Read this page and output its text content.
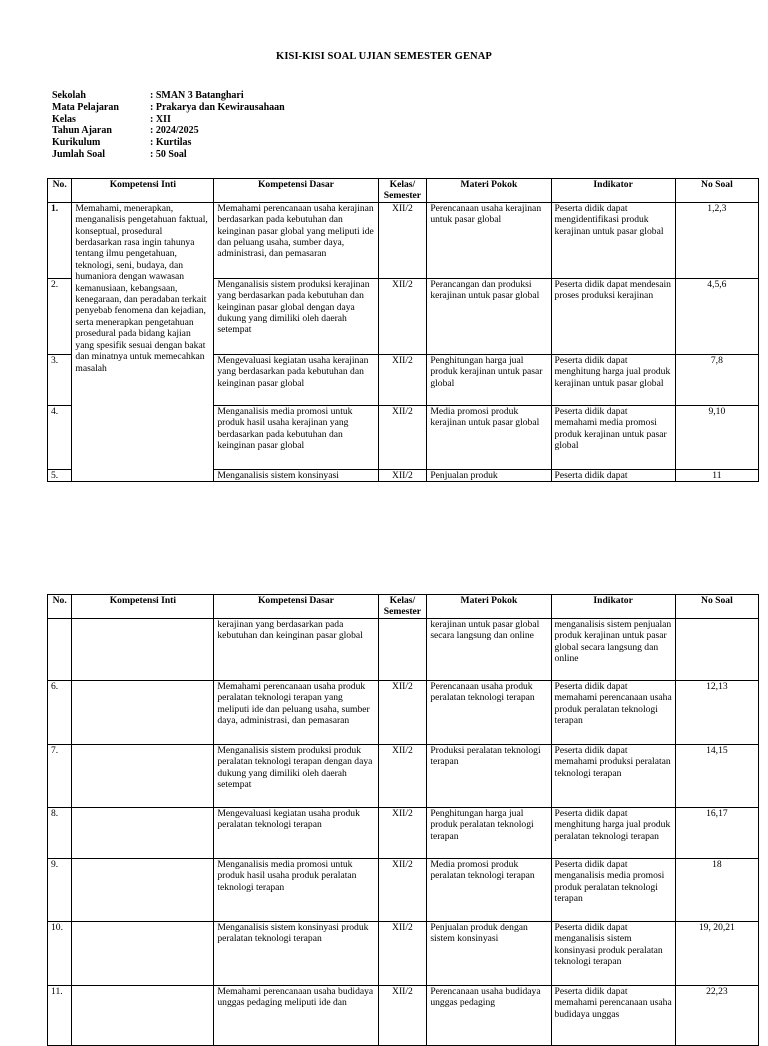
KISI-KISI SOAL UJIAN SEMESTER GENAP
Sekolah	: SMAN 3 Batanghari
Mata Pelajaran	: Prakarya dan Kewirausahaan
Kelas	: XII
Tahun Ajaran	: 2024/2025
Kurikulum	: Kurtilas
Jumlah Soal	: 50 Soal
No.	Kompetensi Inti	Kompetensi Dasar	Kelas/ Semester	Materi Pokok	Indikator	No Soal
1.	Memahami, menerapkan, menganalisis pengetahuan faktual, konseptual, prosedural berdasarkan rasa ingin tahunya tentang ilmu pengetahuan, teknologi, seni, budaya, dan humaniora dengan wawasan kemanusiaan, kebangsaan, kenegaraan, dan peradaban terkait penyebab fenomena dan kejadian, serta menerapkan pengetahuan prosedural pada bidang kajian yang spesifik sesuai dengan bakat dan minatnya untuk memecahkan masalah	Memahami perencanaan usaha kerajinan berdasarkan pada kebutuhan dan keinginan pasar global yang meliputi ide dan peluang usaha, sumber daya, administrasi, dan pemasaran	XII/2	Perencanaan usaha kerajinan untuk pasar global	Peserta didik dapat mengidentifikasi produk kerajinan untuk pasar global	1,2,3
2.		Menganalisis sistem produksi kerajinan yang berdasarkan pada kebutuhan dan keinginan pasar global dengan daya dukung yang dimiliki oleh daerah setempat	XII/2	Perancangan dan produksi kerajinan untuk pasar global	Peserta didik dapat mendesain proses produksi kerajinan	4,5,6
3.		Mengevaluasi kegiatan usaha kerajinan yang berdasarkan pada kebutuhan dan keinginan pasar global	XII/2	Penghitungan harga jual produk kerajinan untuk pasar global	Peserta didik dapat menghitung harga jual produk kerajinan untuk pasar global	7,8
4.		Menganalisis media promosi untuk produk hasil usaha kerajinan yang berdasarkan pada kebutuhan dan keinginan pasar global	XII/2	Media promosi produk kerajinan untuk pasar global	Peserta didik dapat memahami media promosi produk kerajinan untuk pasar global	9,10
5.		Menganalisis sistem konsinyasi	XII/2	Penjualan produk	Peserta didik dapat	11
No.	Kompetensi Inti	Kompetensi Dasar	Kelas/ Semester	Materi Pokok	Indikator	No Soal
		kerajinan yang berdasarkan pada kebutuhan dan keinginan pasar global		kerajinan untuk pasar global secara langsung dan online	menganalisis sistem penjualan produk kerajinan untuk pasar global secara langsung dan online	
6.		Memahami perencanaan usaha produk peralatan teknologi terapan yang meliputi ide dan peluang usaha, sumber daya, administrasi, dan pemasaran	XII/2	Perencanaan usaha produk peralatan teknologi terapan	Peserta didik dapat memahami perencanaan usaha produk peralatan teknologi terapan	12,13
7.		Menganalisis sistem produksi produk peralatan teknologi terapan dengan daya dukung yang dimiliki oleh daerah setempat	XII/2	Produksi peralatan teknologi terapan	Peserta didik dapat memahami produksi peralatan teknologi terapan	14,15
8.		Mengevaluasi kegiatan usaha produk peralatan teknologi terapan	XII/2	Penghitungan harga jual produk peralatan teknologi terapan	Peserta didik dapat menghitung harga jual produk peralatan teknologi terapan	16,17
9.		Menganalisis media promosi untuk produk hasil usaha produk peralatan teknologi terapan	XII/2	Media promosi produk peralatan teknologi terapan	Peserta didik dapat menganalisis media promosi produk peralatan teknologi terapan	18
10.		Menganalisis sistem konsinyasi produk peralatan teknologi terapan	XII/2	Penjualan produk dengan sistem konsinyasi	Peserta didik dapat menganalisis sistem konsinyasi produk peralatan teknologi terapan	19, 20,21
11.		Memahami perencanaan usaha budidaya unggas pedaging meliputi ide dan	XII/2	Perencanaan usaha budidaya unggas pedaging	Peserta didik dapat memahami perencanaan usaha budidaya unggas	22,23
